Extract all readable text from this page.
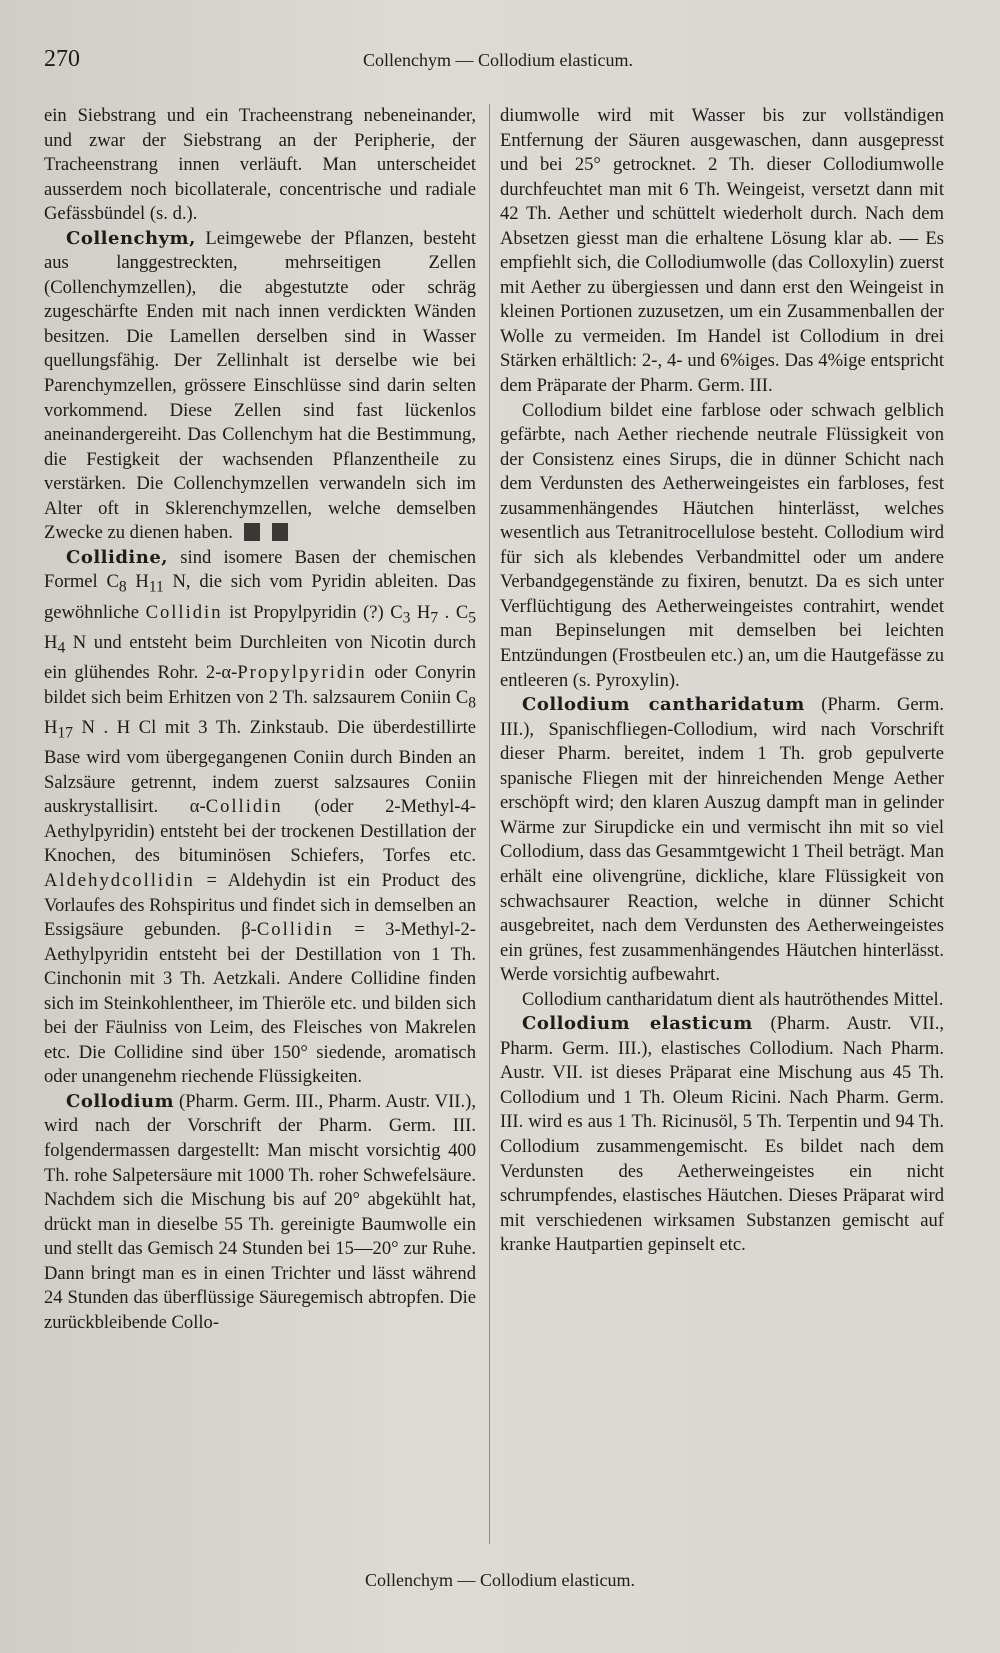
270	Collenchym — Collodium elasticum.

ein Siebstrang und ein Tracheenstrang nebeneinander, und zwar der Siebstrang an der Peripherie, der Tracheenstrang innen verläuft. Man unterscheidet ausserdem noch bicollaterale, concentrische und radiale Gefässbündel (s. d.).

Collenchym, Leimgewebe der Pflanzen, besteht aus langgestreckten, mehrseitigen Zellen (Collenchymzellen), die abgestutzte oder schräg zugeschärfte Enden mit nach innen verdickten Wänden besitzen. Die Lamellen derselben sind in Wasser quellungsfähig. Der Zellinhalt ist derselbe wie bei Parenchymzellen, grössere Einschlüsse sind darin selten vorkommend. Diese Zellen sind fast lückenlos aneinandergereiht. Das Collenchym hat die Bestimmung, die Festigkeit der wachsenden Pflanzentheile zu verstärken. Die Collenchymzellen verwandeln sich im Alter oft in Sklerenchymzellen, welche demselben Zwecke zu dienen haben.

Collidine, sind isomere Basen der chemischen Formel $C_8$ $H_{11}$ N, die sich vom Pyridin ableiten. Das gewöhnliche Collidin ist Propylpyridin (?) $C_3$ $H_7$ . $C_5$ $H_4$ N und entsteht beim Durchleiten von Nicotin durch ein glühendes Rohr. 2-α-Propylpyridin oder Conyrin bildet sich beim Erhitzen von 2 Th. salzsaurem Coniin $C_8$ $H_{17}$ N . H Cl mit 3 Th. Zinkstaub. Die überdestillirte Base wird vom übergegangenen Coniin durch Binden an Salzsäure getrennt, indem zuerst salzsaures Coniin auskrystallisirt. α-Collidin (oder 2-Methyl-4-Aethylpyridin) entsteht bei der trockenen Destillation der Knochen, des bituminösen Schiefers, Torfes etc. Aldehydcollidin = Aldehydin ist ein Product des Vorlaufes des Rohspiritus und findet sich in demselben an Essigsäure gebunden. β-Collidin = 3-Methyl-2-Aethylpyridin entsteht bei der Destillation von 1 Th. Cinchonin mit 3 Th. Aetzkali. Andere Collidine finden sich im Steinkohlentheer, im Thieröle etc. und bilden sich bei der Fäulniss von Leim, des Fleisches von Makrelen etc. Die Collidine sind über 150° siedende, aromatisch oder unangenehm riechende Flüssigkeiten.

Collodium (Pharm. Germ. III., Pharm. Austr. VII.), wird nach der Vorschrift der Pharm. Germ. III. folgendermassen dargestellt: Man mischt vorsichtig 400 Th. rohe Salpetersäure mit 1000 Th. roher Schwefelsäure. Nachdem sich die Mischung bis auf 20° abgekühlt hat, drückt man in dieselbe 55 Th. gereinigte Baumwolle ein und stellt das Gemisch 24 Stunden bei 15—20° zur Ruhe. Dann bringt man es in einen Trichter und lässt während 24 Stunden das überflüssige Säuregemisch abtropfen. Die zurückbleibende Collo-

diumwolle wird mit Wasser bis zur vollständigen Entfernung der Säuren ausgewaschen, dann ausgepresst und bei 25° getrocknet. 2 Th. dieser Collodiumwolle durchfeuchtet man mit 6 Th. Weingeist, versetzt dann mit 42 Th. Aether und schüttelt wiederholt durch. Nach dem Absetzen giesst man die erhaltene Lösung klar ab. — Es empfiehlt sich, die Collodiumwolle (das Colloxylin) zuerst mit Aether zu übergiessen und dann erst den Weingeist in kleinen Portionen zuzusetzen, um ein Zusammenballen der Wolle zu vermeiden. Im Handel ist Collodium in drei Stärken erhältlich: 2-, 4- und 6%iges. Das 4%ige entspricht dem Präparate der Pharm. Germ. III.

Collodium bildet eine farblose oder schwach gelblich gefärbte, nach Aether riechende neutrale Flüssigkeit von der Consistenz eines Sirups, die in dünner Schicht nach dem Verdunsten des Aetherweingeistes ein farbloses, fest zusammenhängendes Häutchen hinterlässt, welches wesentlich aus Tetranitrocellulose besteht. Collodium wird für sich als klebendes Verbandmittel oder um andere Verbandgegenstände zu fixiren, benutzt. Da es sich unter Verflüchtigung des Aetherweingeistes contrahirt, wendet man Bepinselungen mit demselben bei leichten Entzündungen (Frostbeulen etc.) an, um die Hautgefässe zu entleeren (s. Pyroxylin).

Collodium cantharidatum (Pharm. Germ. III.), Spanischfliegen-Collodium, wird nach Vorschrift dieser Pharm. bereitet, indem 1 Th. grob gepulverte spanische Fliegen mit der hinreichenden Menge Aether erschöpft wird; den klaren Auszug dampft man in gelinder Wärme zur Sirupdicke ein und vermischt ihn mit so viel Collodium, dass das Gesammtgewicht 1 Theil beträgt. Man erhält eine olivengrüne, dickliche, klare Flüssigkeit von schwachsaurer Reaction, welche in dünner Schicht ausgebreitet, nach dem Verdunsten des Aetherweingeistes ein grünes, fest zusammenhängendes Häutchen hinterlässt. Werde vorsichtig aufbewahrt.

Collodium cantharidatum dient als hautröthendes Mittel.

Collodium elasticum (Pharm. Austr. VII., Pharm. Germ. III.), elastisches Collodium. Nach Pharm. Austr. VII. ist dieses Präparat eine Mischung aus 45 Th. Collodium und 1 Th. Oleum Ricini. Nach Pharm. Germ. III. wird es aus 1 Th. Ricinusöl, 5 Th. Terpentin und 94 Th. Collodium zusammengemischt. Es bildet nach dem Verdunsten des Aetherweingeistes ein nicht schrumpfendes, elastisches Häutchen. Dieses Präparat wird mit verschiedenen wirksamen Substanzen gemischt auf kranke Hautpartien gepinselt etc.

Collenchym — Collodium elasticum.
